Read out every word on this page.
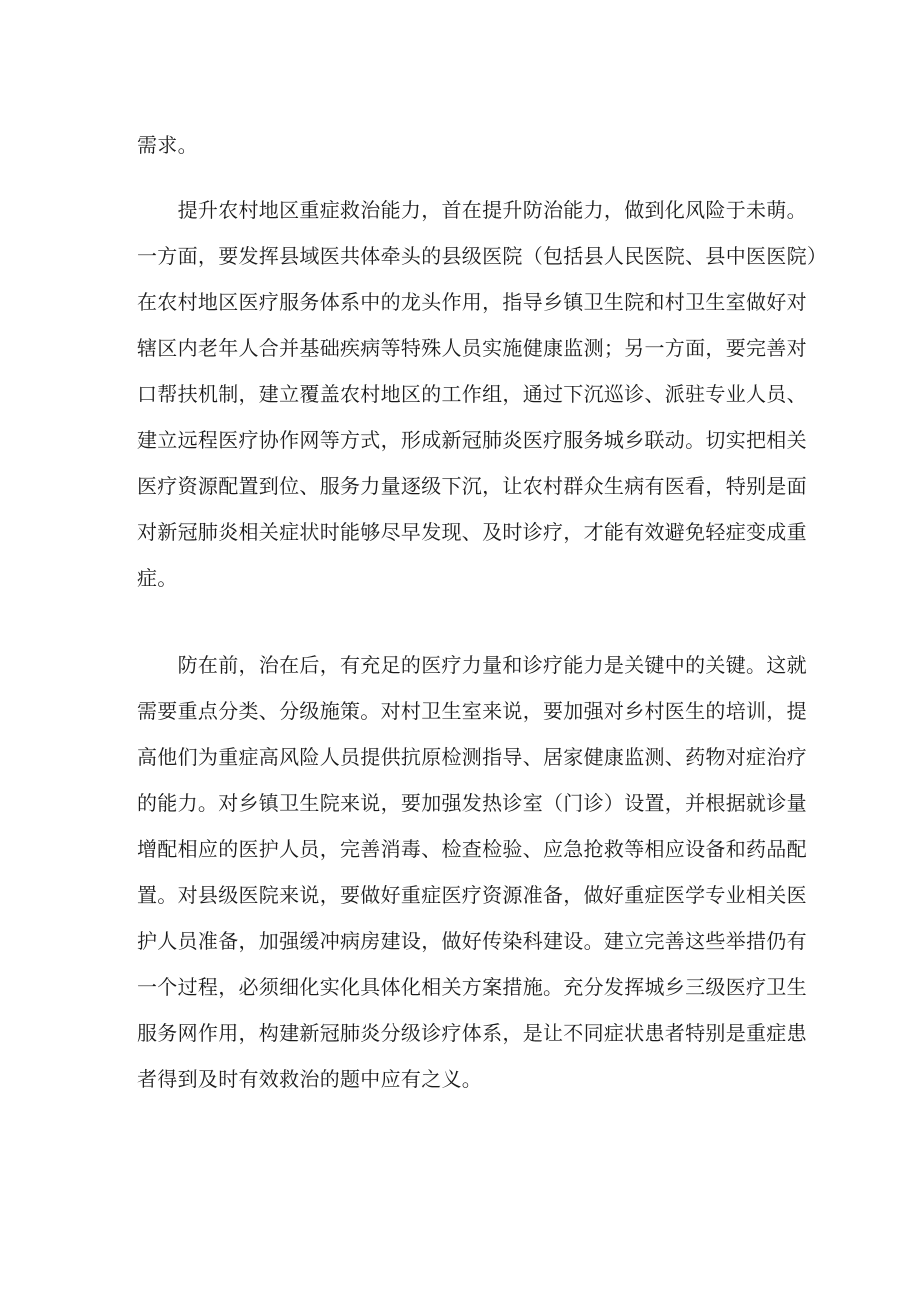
需求。
　　提升农村地区重症救治能力，首在提升防治能力，做到化风险于未萌。
一方面，要发挥县域医共体牵头的县级医院（包括县人民医院、县中医医院）
在农村地区医疗服务体系中的龙头作用，指导乡镇卫生院和村卫生室做好对
辖区内老年人合并基础疾病等特殊人员实施健康监测；另一方面，要完善对
口帮扶机制，建立覆盖农村地区的工作组，通过下沉巡诊、派驻专业人员、
建立远程医疗协作网等方式，形成新冠肺炎医疗服务城乡联动。切实把相关
医疗资源配置到位、服务力量逐级下沉，让农村群众生病有医看，特别是面
对新冠肺炎相关症状时能够尽早发现、及时诊疗，才能有效避免轻症变成重
症。
　　防在前，治在后，有充足的医疗力量和诊疗能力是关键中的关键。这就
需要重点分类、分级施策。对村卫生室来说，要加强对乡村医生的培训，提
高他们为重症高风险人员提供抗原检测指导、居家健康监测、药物对症治疗
的能力。对乡镇卫生院来说，要加强发热诊室（门诊）设置，并根据就诊量
增配相应的医护人员，完善消毒、检查检验、应急抢救等相应设备和药品配
置。对县级医院来说，要做好重症医疗资源准备，做好重症医学专业相关医
护人员准备，加强缓冲病房建设，做好传染科建设。建立完善这些举措仍有
一个过程，必须细化实化具体化相关方案措施。充分发挥城乡三级医疗卫生
服务网作用，构建新冠肺炎分级诊疗体系，是让不同症状患者特别是重症患
者得到及时有效救治的题中应有之义。
